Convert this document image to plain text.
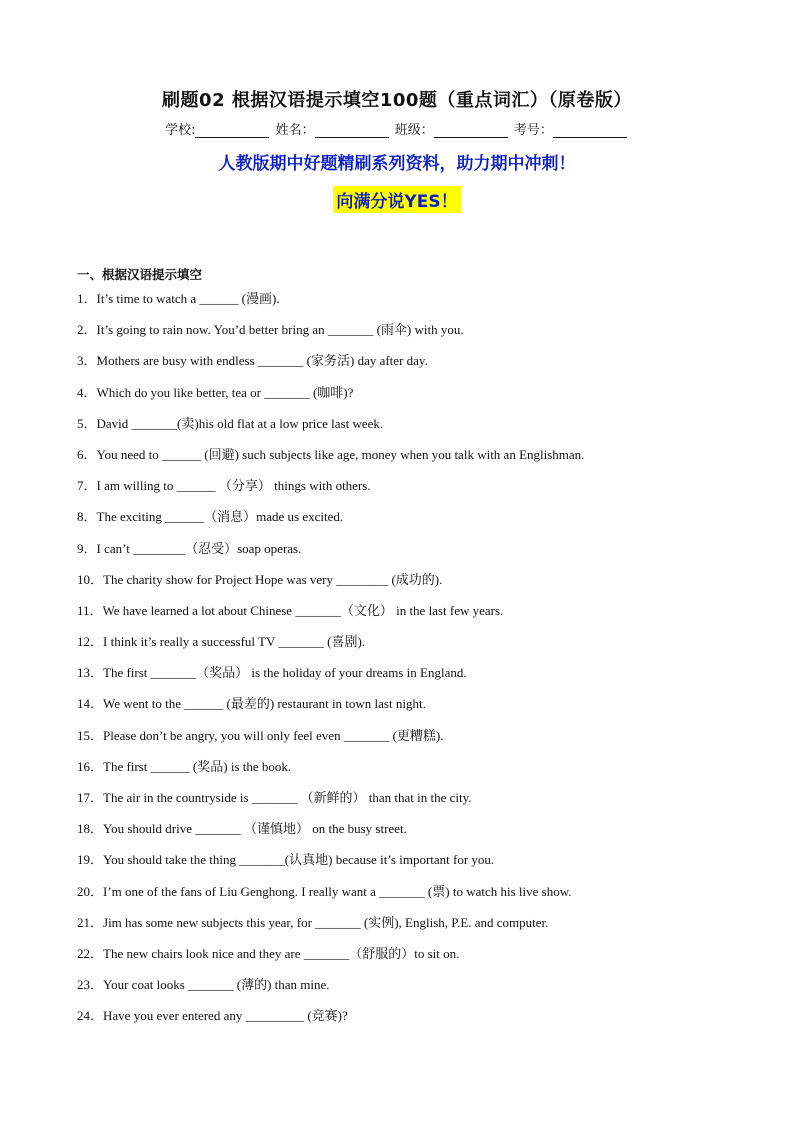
刷题02 根据汉语提示填空100题（重点词汇）（原卷版）
学校:	姓名：	班级：	考号：
人教版期中好题精刷系列资料，助力期中冲刺！
向满分说YES！
一、根据汉语提示填空
1．It’s time to watch a ______ (漫画).
2．It’s going to rain now. You’d better bring an _______ (雨伞) with you.
3．Mothers are busy with endless _______ (家务活) day after day.
4．Which do you like better, tea or _______ (咖啡)?
5．David _______(卖)his old flat at a low price last week.
6．You need to ______ (回避) such subjects like age, money when you talk with an Englishman.
7．I am willing to ______ （分享） things with others.
8．The exciting ______（消息）made us excited.
9．I can’t ________（忍受）soap operas.
10．The charity show for Project Hope was very ________ (成功的).
11．We have learned a lot about Chinese _______（文化） in the last few years.
12．I think it’s really a successful TV _______ (喜剧).
13．The first _______（奖品） is the holiday of your dreams in England.
14．We went to the ______ (最差的) restaurant in town last night.
15．Please don’t be angry, you will only feel even _______ (更糟糕).
16．The first ______ (奖品) is the book.
17．The air in the countryside is _______ （新鲜的） than that in the city.
18．You should drive _______ （谨慎地） on the busy street.
19．You should take the thing _______(认真地) because it’s important for you.
20．I’m one of the fans of Liu Genghong. I really want a _______ (票) to watch his live show.
21．Jim has some new subjects this year, for _______ (实例), English, P.E. and computer.
22．The new chairs look nice and they are _______（舒服的）to sit on.
23．Your coat looks _______ (薄的) than mine.
24．Have you ever entered any _________ (竞赛)?
